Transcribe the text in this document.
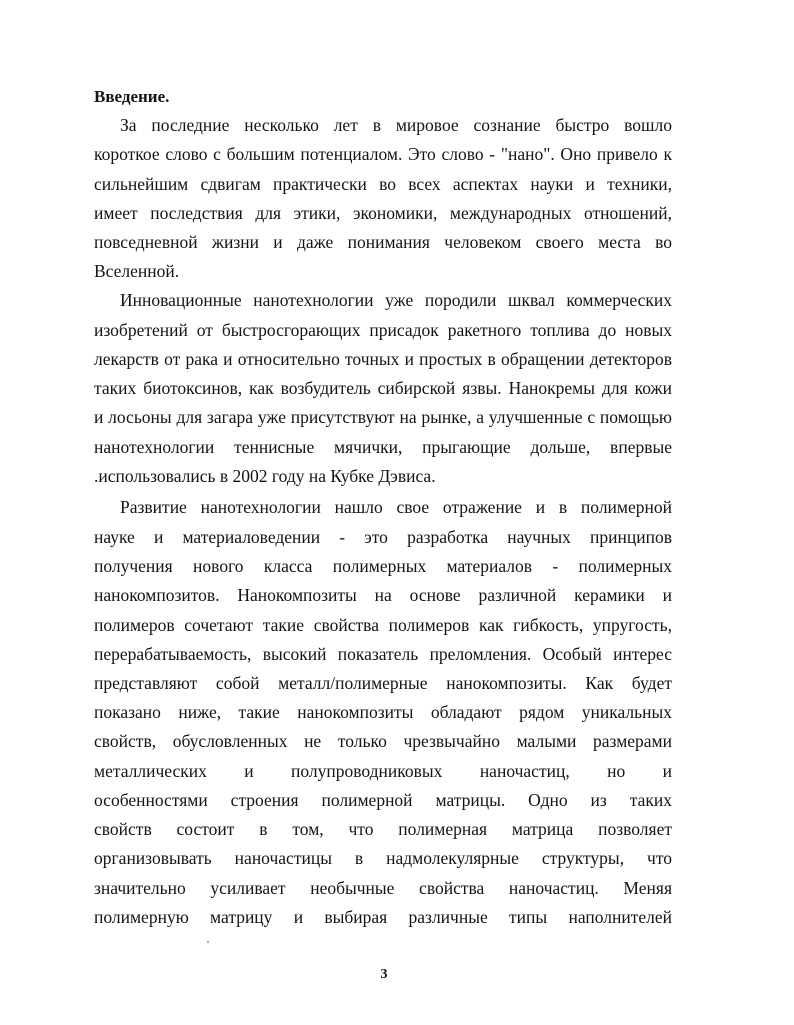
Введение.
За последние несколько лет в мировое сознание быстро вошло
короткое слово с большим потенциалом. Это слово - "нано". Оно привело к
сильнейшим сдвигам практически во всех аспектах науки и техники,
имеет последствия для этики, экономики, международных отношений,
повседневной жизни и даже понимания человеком своего места во
Вселенной.
Инновационные нанотехнологии уже породили шквал коммерческих
изобретений от быстросгорающих присадок ракетного топлива до новых
лекарств от рака и относительно точных и простых в обращении детекторов
таких биотоксинов, как возбудитель сибирской язвы. Нанокремы для кожи
и лосьоны для загара уже присутствуют на рынке, а улучшенные с помощью
нанотехнологии теннисные мячички, прыгающие дольше, впервые
.использовались в 2002 году на Кубке Дэвиса.
Развитие нанотехнологии нашло свое отражение и в полимерной
науке и материаловедении - это разработка научных принципов
получения нового класса полимерных материалов - полимерных
нанокомпозитов. Нанокомпозиты на основе различной керамики и
полимеров сочетают такие свойства полимеров как гибкость, упругость,
перерабатываемость, высокий показатель преломления. Особый интерес
представляют собой металл/полимерные нанокомпозиты. Как будет
показано ниже, такие нанокомпозиты обладают рядом уникальных
свойств, обусловленных не только чрезвычайно малыми размерами
металлических и полупроводниковых наночастиц, но и
особенностями строения полимерной матрицы. Одно из таких
свойств состоит в том, что полимерная матрица позволяет
организовывать наночастицы в надмолекулярные структуры, что
значительно усиливает необычные свойства наночастиц. Меняя
полимерную матрицу и выбирая различные типы наполнителей
3
